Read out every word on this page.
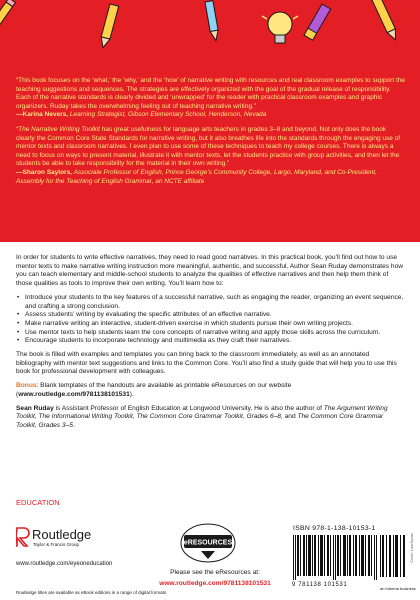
“This book focuses on the ‘what,’ the ‘why,’ and the ‘how’ of narrative writing with resources and real classroom examples to support the teaching suggestions and sequences. The strategies are effectively organized with the goal of the gradual release of responsibility. Each of the narrative standards is clearly divided and ‘unwrapped’ for the reader with practical classroom examples and graphic organizers. Ruday takes the overwhelming feeling out of teaching narrative writing.”
—Karina Nevers, Learning Strategist, Gibson Elementary School, Henderson, Nevada
“The Narrative Writing Toolkit has great usefulness for language arts teachers in grades 3–8 and beyond. Not only does the book clearly the Common Core State Standards for narrative writing, but it also breathes life into the standards through the engaging use of mentor texts and classroom narratives. I even plan to use some of these techniques to teach my college courses. There is always a need to focus on ways to present material, illustrate it with mentor texts, let the students practice with group activities, and then let the students be able to take responsibility for the material in their own writing.”
—Sharon Saylors, Associate Professor of English, Prince George’s Community College, Largo, Maryland, and Co-President, Assembly for the Teaching of English Grammar, an NCTE affiliate

In order for students to write effective narratives, they need to read good narratives. In this practical book, you’ll find out how to use mentor texts to make narrative writing instruction more meaningful, authentic, and successful. Author Sean Ruday demonstrates how you can teach elementary and middle-school students to analyze the qualities of effective narratives and then help them think of those qualities as tools to improve their own writing. You’ll learn how to:

• Introduce your students to the key features of a successful narrative, such as engaging the reader, organizing an event sequence, and crafting a strong conclusion.
• Assess students’ writing by evaluating the specific attributes of an effective narrative.
• Make narrative writing an interactive, student-driven exercise in which students pursue their own writing projects.
• Use mentor texts to help students learn the core concepts of narrative writing and apply those skills across the curriculum.
• Encourage students to incorporate technology and multimedia as they craft their narratives.

The book is filled with examples and templates you can bring back to the classroom immediately, as well as an annotated bibliography with mentor text suggestions and links to the Common Core. You’ll also find a study guide that will help you to use this book for professional development with colleagues.

Bonus: Blank templates of the handouts are available as printable eResources on our website (www.routledge.com/9781138101531).

Sean Ruday is Assistant Professor of English Education at Longwood University. He is also the author of The Argument Writing Toolkit, The Informational Writing Toolkit, The Common Core Grammar Toolkit, Grades 6–8, and The Common Core Grammar Toolkit, Grades 3–5.

EDUCATION
Routledge
Taylor & Francis Group
www.routledge.com/eyeoneducation
Routledge titles are available as eBook editions in a range of digital formats
eRESOURCES
Please see the eResources at:
www.routledge.com/9781138101531
ISBN 978-1-138-10153-1
9 781138 101531
an informa business
Cover: Lisa Dynan
